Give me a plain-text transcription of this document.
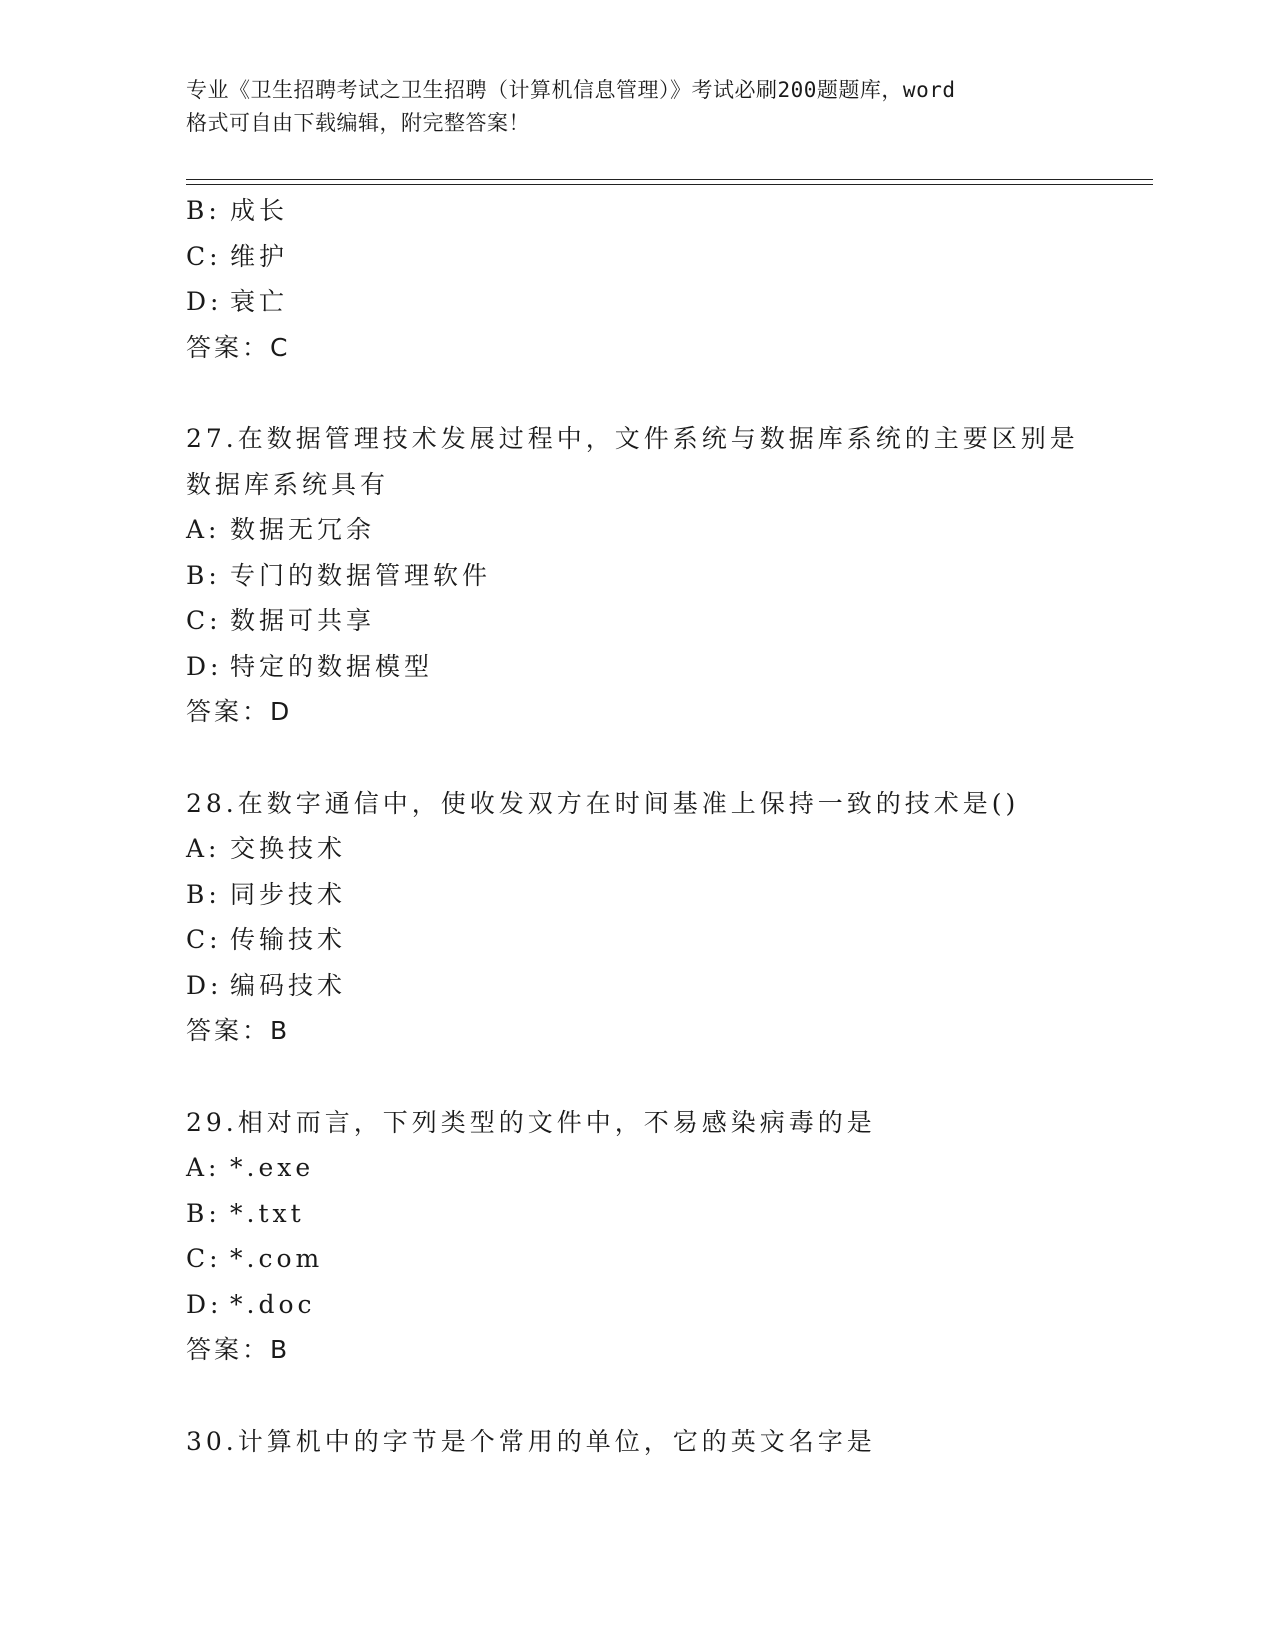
专业《卫生招聘考试之卫生招聘（计算机信息管理）》考试必刷200题题库，word
格式可自由下载编辑，附完整答案！
B: 成长
C: 维护
D: 衰亡
答案：C
27.在数据管理技术发展过程中，文件系统与数据库系统的主要区别是
数据库系统具有
A: 数据无冗余
B: 专门的数据管理软件
C: 数据可共享
D: 特定的数据模型
答案：D
28.在数字通信中，使收发双方在时间基准上保持一致的技术是()
A: 交换技术
B: 同步技术
C: 传输技术
D: 编码技术
答案：B
29.相对而言，下列类型的文件中，不易感染病毒的是
A: *.exe
B: *.txt
C: *.com
D: *.doc
答案：B
30.计算机中的字节是个常用的单位，它的英文名字是
